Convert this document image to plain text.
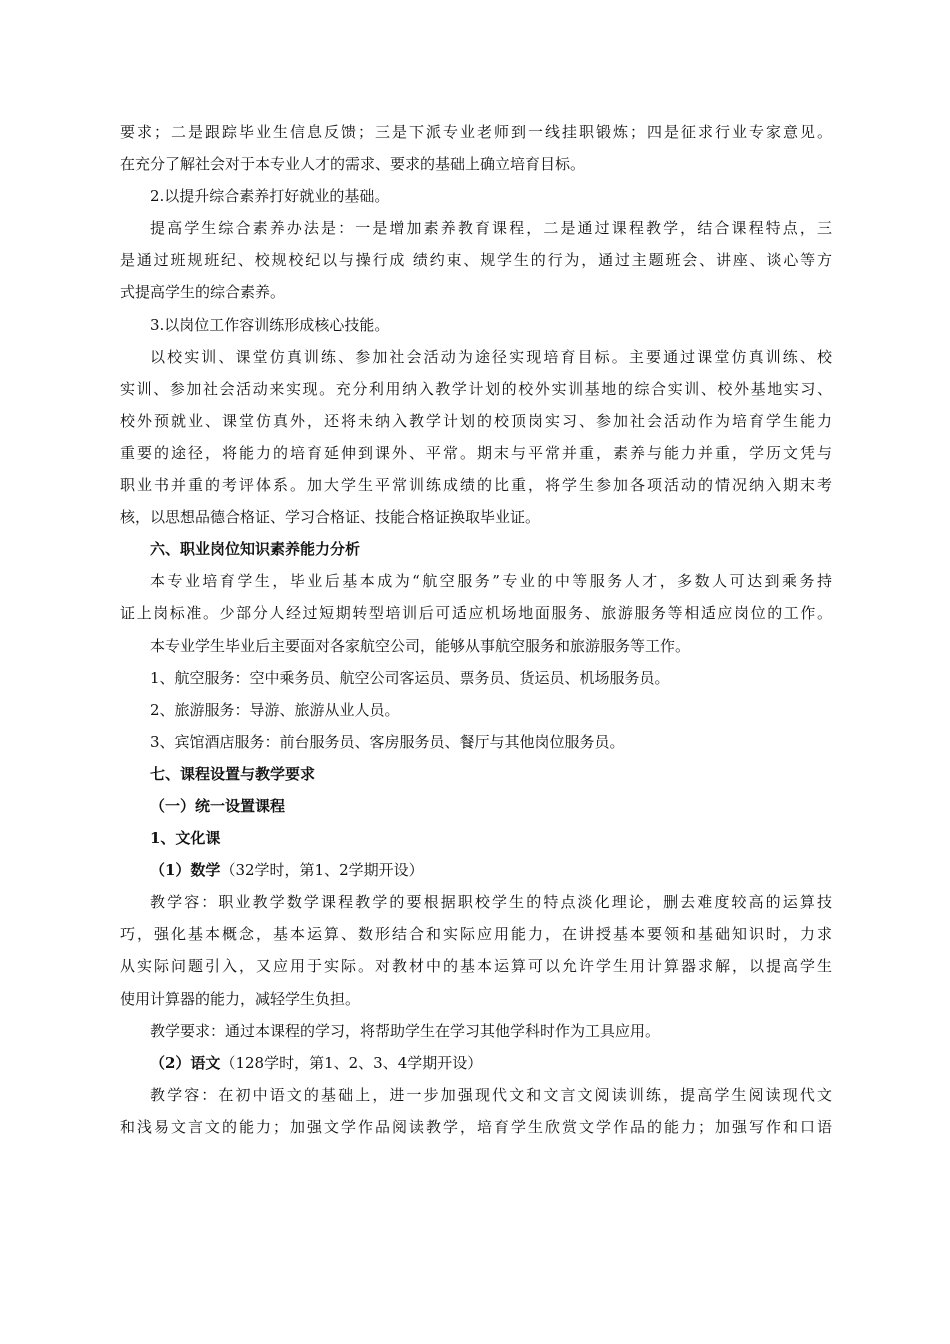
要求；二是跟踪毕业生信息反馈；三是下派专业老师到一线挂职锻炼；四是征求行业专家意见。

在充分了解社会对于本专业人才的需求、要求的基础上确立培育目标。

2.以提升综合素养打好就业的基础。

提高学生综合素养办法是：一是增加素养教育课程，二是通过课程教学，结合课程特点，三

是通过班规班纪、校规校纪以与操行成 绩约束、规学生的行为，通过主题班会、讲座、谈心等方

式提高学生的综合素养。

3.以岗位工作容训练形成核心技能。

以校实训、课堂仿真训练、参加社会活动为途径实现培育目标。主要通过课堂仿真训练、校

实训、参加社会活动来实现。充分利用纳入教学计划的校外实训基地的综合实训、校外基地实习、

校外预就业、课堂仿真外，还将未纳入教学计划的校顶岗实习、参加社会活动作为培育学生能力

重要的途径，将能力的培育延伸到课外、平常。期末与平常并重，素养与能力并重，学历文凭与

职业书并重的考评体系。加大学生平常训练成绩的比重，将学生参加各项活动的情况纳入期末考

核，以思想品德合格证、学习合格证、技能合格证换取毕业证。

六、职业岗位知识素养能力分析

本专业培育学生，毕业后基本成为“航空服务”专业的中等服务人才，多数人可达到乘务持

证上岗标准。少部分人经过短期转型培训后可适应机场地面服务、旅游服务等相适应岗位的工作。

本专业学生毕业后主要面对各家航空公司，能够从事航空服务和旅游服务等工作。

1、航空服务：空中乘务员、航空公司客运员、票务员、货运员、机场服务员。

2、旅游服务：导游、旅游从业人员。

3、宾馆酒店服务：前台服务员、客房服务员、餐厅与其他岗位服务员。

七、课程设置与教学要求

（一）统一设置课程

1、文化课

（1）数学（32学时，第1、2学期开设）

教学容：职业教学数学课程教学的要根据职校学生的特点淡化理论，删去难度较高的运算技

巧，强化基本概念，基本运算、数形结合和实际应用能力，在讲授基本要领和基础知识时，力求

从实际问题引入，又应用于实际。对教材中的基本运算可以允许学生用计算器求解，以提高学生

使用计算器的能力，减轻学生负担。

教学要求：通过本课程的学习，将帮助学生在学习其他学科时作为工具应用。

（2）语文（128学时，第1、2、3、4学期开设）

教学容：在初中语文的基础上，进一步加强现代文和文言文阅读训练，提高学生阅读现代文

和浅易文言文的能力；加强文学作品阅读教学，培育学生欣赏文学作品的能力；加强写作和口语
